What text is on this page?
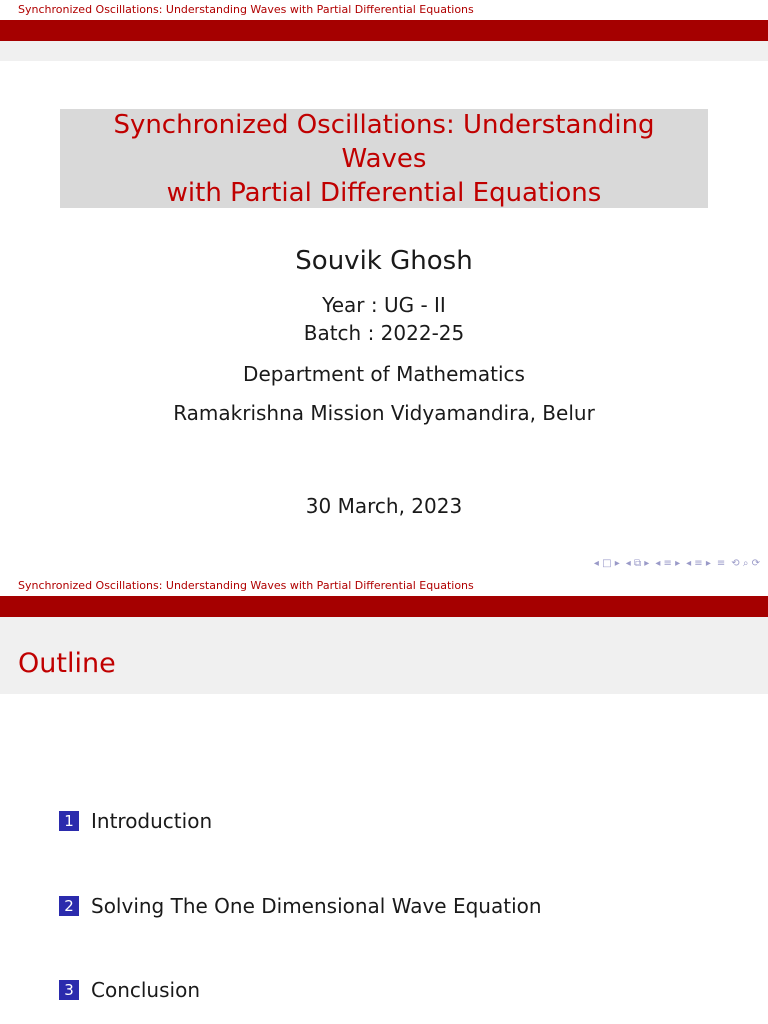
Synchronized Oscillations: Understanding Waves with Partial Differential Equations
Synchronized Oscillations: Understanding Waves
with Partial Differential Equations
Souvik Ghosh
Year : UG - II
Batch : 2022-25
Department of Mathematics
Ramakrishna Mission Vidyamandira, Belur
30 March, 2023
◂ □ ▸ ◂ ⧉ ▸ ◂ ≡ ▸ ◂ ≡ ▸ ≡ ⟲ ⌕ ⟳
Synchronized Oscillations: Understanding Waves with Partial Differential Equations
Outline
1 Introduction
2 Solving The One Dimensional Wave Equation
3 Conclusion
